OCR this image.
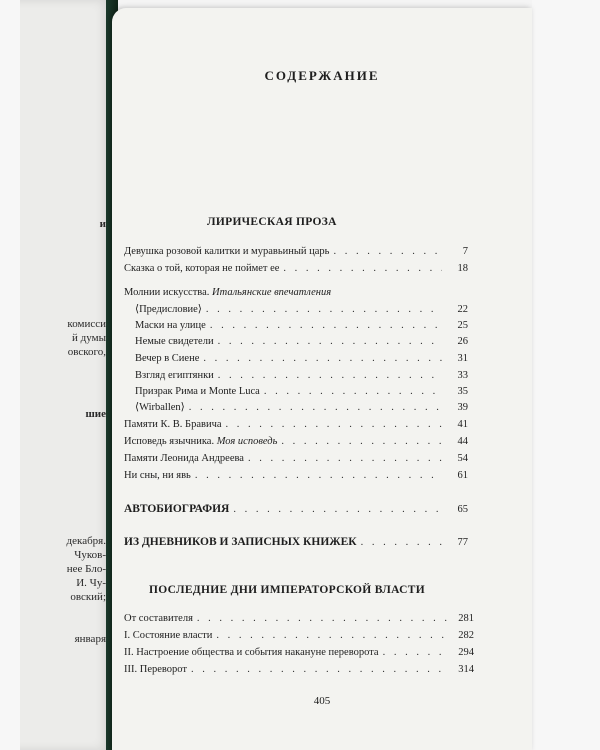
и
комисси
й думы
овского,
шие
декабря.
Чуков-
нее Бло-
И. Чу-
овский;
января
СОДЕРЖАНИЕ
ЛИРИЧЕСКАЯ ПРОЗА
Девушка розовой калитки и муравьиный царь . . .	7
Сказка о той, которая не поймет ее . . .	18
Молнии искусства. Итальянские впечатления
⟨Предисловие⟩ . . .	22
Маски на улице . . .	25
Немые свидетели . . .	26
Вечер в Сиене . . .	31
Взгляд египтянки . . .	33
Призрак Рима и Monte Luca . . .	35
⟨Wirballen⟩ . . .	39
Памяти К. В. Бравича . . .	41
Исповедь язычника. Моя исповедь . . .	44
Памяти Леонида Андреева . . .	54
Ни сны, ни явь . . .	61
АВТОБИОГРАФИЯ . . .	65
ИЗ ДНЕВНИКОВ И ЗАПИСНЫХ КНИЖЕК . . .	77
ПОСЛЕДНИЕ ДНИ ИМПЕРАТОРСКОЙ ВЛАСТИ
От составителя . . .	281
I. Состояние власти . . .	282
II. Настроение общества и события накануне переворота . . .	294
III. Переворот . . .	314
405
